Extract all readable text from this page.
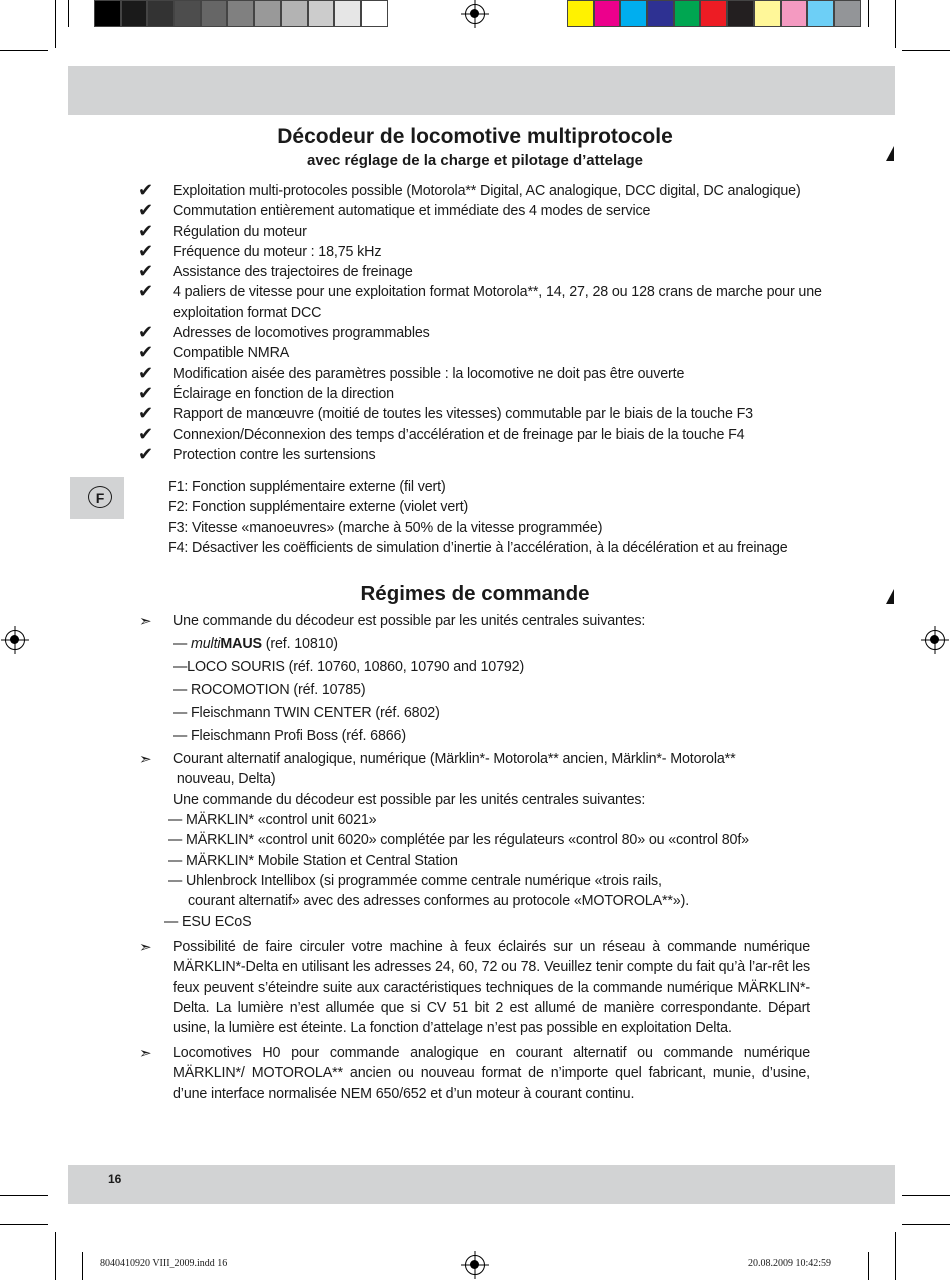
F
Décodeur de locomotive multiprotocole
avec réglage de la charge et pilotage d’attelage
✔ Exploitation multi-protocoles possible (Motorola** Digital, AC analogique, DCC digital, DC analogique)
✔ Commutation entièrement automatique et immédiate des 4 modes de service
✔ Régulation du moteur
✔ Fréquence du moteur : 18,75 kHz
✔ Assistance des trajectoires de freinage
✔ 4 paliers de vitesse pour une exploitation format Motorola**, 14, 27, 28 ou 128 crans de marche pour une exploitation format DCC
✔ Adresses de locomotives programmables
✔ Compatible NMRA
✔ Modification aisée des paramètres possible : la locomotive ne doit pas être ouverte
✔ Éclairage en fonction de la direction
✔ Rapport de manœuvre (moitié de toutes les vitesses) commutable par le biais de la touche F3
✔ Connexion/Déconnexion des temps d’accélération et de freinage par le biais de la touche F4
✔ Protection contre les surtensions
F1: Fonction supplémentaire externe (fil vert)
F2: Fonction supplémentaire externe (violet vert)
F3: Vitesse «manoeuvres» (marche à 50% de la vitesse programmée)
F4: Désactiver les coëfficients de simulation d’inertie à l’accélération, à la décélération et au freinage
Régimes de commande
➣ Une commande du décodeur est possible par les unités centrales suivantes:
— multiMAUS (ref. 10810)
—LOCO SOURIS (réf. 10760, 10860, 10790 and 10792)
— ROCOMOTION (réf. 10785)
— Fleischmann TWIN CENTER (réf. 6802)
— Fleischmann Profi Boss (réf. 6866)
➣ Courant alternatif analogique, numérique (Märklin*- Motorola** ancien, Märklin*- Motorola**
nouveau, Delta)
Une commande du décodeur est possible par les unités centrales suivantes:
— MÄRKLIN* «control unit 6021»
— MÄRKLIN* «control unit 6020» complétée par les régulateurs «control 80» ou «control 80f»
— MÄRKLIN* Mobile Station et Central Station
— Uhlenbrock Intellibox (si programmée comme centrale numérique «trois rails,
courant alternatif» avec des adresses conformes au protocole «MOTOROLA**»).
— ESU ECoS
➣ Possibilité de faire circuler votre machine à feux éclairés sur un réseau à commande numérique MÄRKLIN*-Delta en utilisant les adresses 24, 60, 72 ou 78. Veuillez tenir compte du fait qu’à l’ar-rêt les feux peuvent s’éteindre suite aux caractéristiques techniques de la commande numérique MÄRKLIN*-Delta. La lumière n’est allumée que si CV 51 bit 2 est allumé de manière correspondante. Départ usine, la lumière est éteinte. La fonction d’attelage n’est pas possible en exploitation Delta.
➣ Locomotives H0 pour commande analogique en courant alternatif ou commande numérique MÄRKLIN*/ MOTOROLA** ancien ou nouveau format de n’importe quel fabricant, munie, d’usine, d’une interface normalisée NEM 650/652 et d’un moteur à courant continu.
16
8040410920 VIII_2009.indd 16	20.08.2009 10:42:59
